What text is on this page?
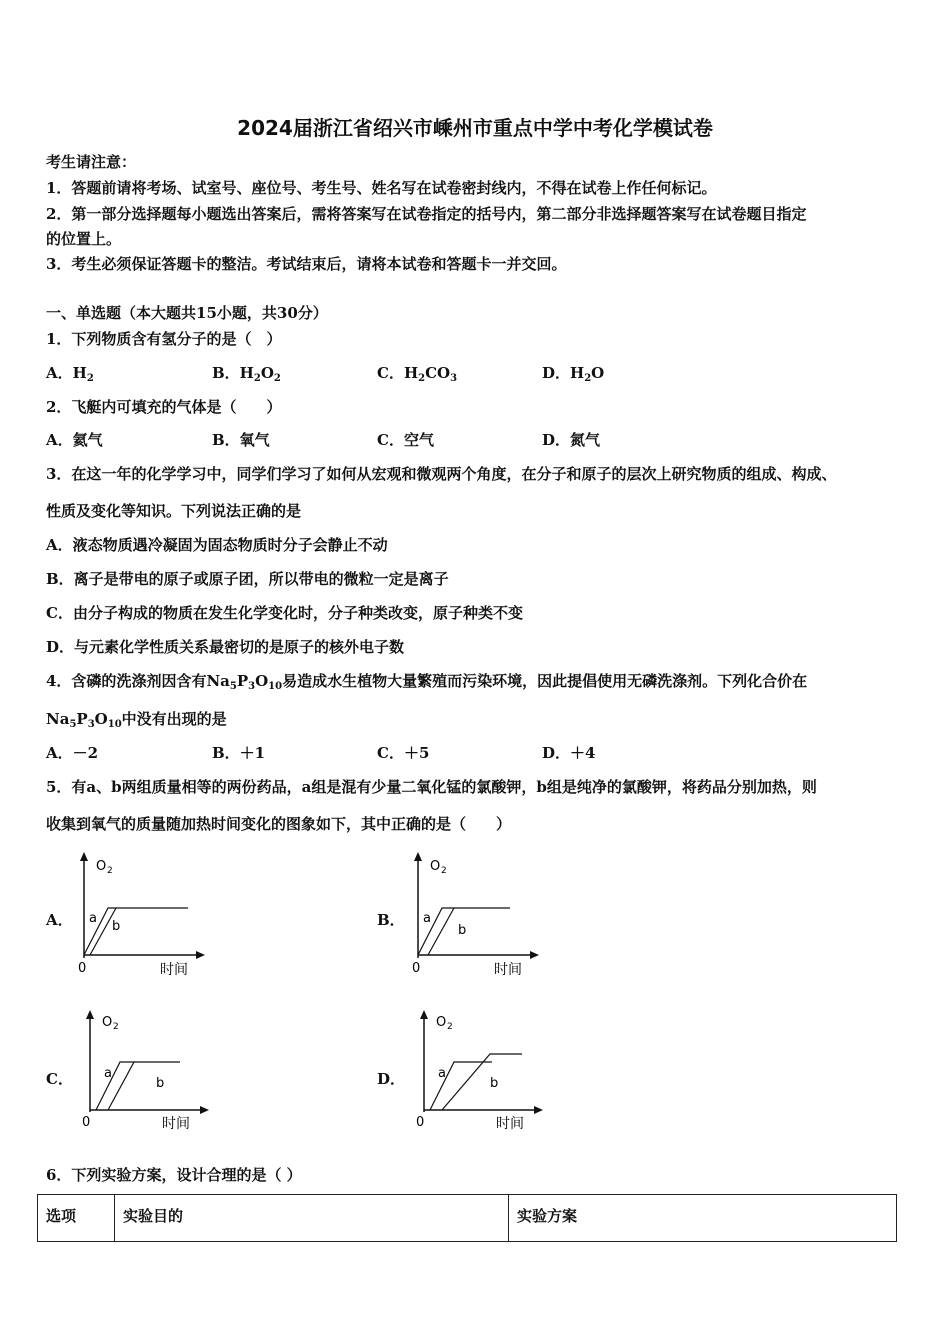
2024届浙江省绍兴市嵊州市重点中学中考化学模试卷
考生请注意：
1．答题前请将考场、试室号、座位号、考生号、姓名写在试卷密封线内，不得在试卷上作任何标记。
2．第一部分选择题每小题选出答案后，需将答案写在试卷指定的括号内，第二部分非选择题答案写在试卷题目指定
的位置上。
3．考生必须保证答题卡的整洁。考试结束后，请将本试卷和答题卡一并交回。
一、单选题（本大题共15小题，共30分）
1．下列物质含有氢分子的是（　）
A．$H_2$	B．$H_2O_2$	C．$H_2CO_3$	D．$H_2O$
2．飞艇内可填充的气体是（　　）
A．氦气	B．氧气	C．空气	D．氮气
3．在这一年的化学学习中，同学们学习了如何从宏观和微观两个角度，在分子和原子的层次上研究物质的组成、构成、
性质及变化等知识。下列说法正确的是
A．液态物质遇冷凝固为固态物质时分子会静止不动
B．离子是带电的原子或原子团，所以带电的微粒一定是离子
C．由分子构成的物质在发生化学变化时，分子种类改变，原子种类不变
D．与元素化学性质关系最密切的是原子的核外电子数
4．含磷的洗涤剂因含有$Na_5P_3O_{10}$易造成水生植物大量繁殖而污染环境，因此提倡使用无磷洗涤剂。下列化合价在
$Na_5P_3O_{10}$中没有出现的是
A．－2	B．＋1	C．＋5	D．＋4
5．有a、b两组质量相等的两份药品，a组是混有少量二氧化锰的氯酸钾，b组是纯净的氯酸钾，将药品分别加热，则
收集到氧气的质量随加热时间变化的图象如下，其中正确的是（　　）
A．	B．
C．	D．
O 2
0	时间
a
b
O 2
0	时间
a
b
O 2
0	时间
a
b
O 2
0	时间
a
b
6．下列实验方案，设计合理的是（ ）
选项	实验目的	实验方案
